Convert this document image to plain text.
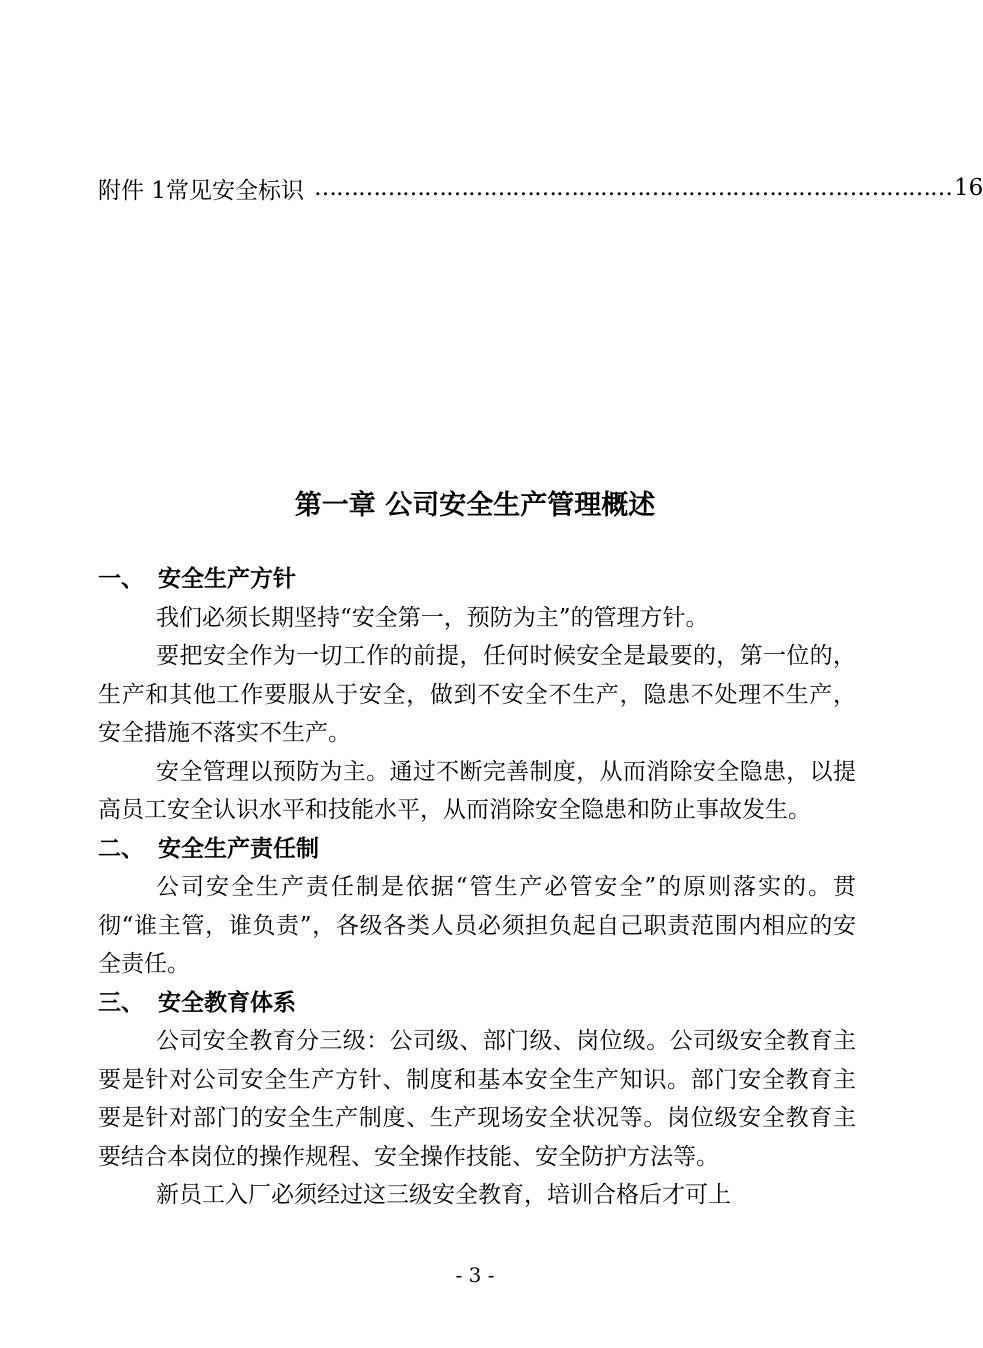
附件 1 常见安全标识 …………………………………………………………………………… 16
第一章 公司安全生产管理概述
一、 安全生产方针

我们必须长期坚持“安全第一，预防为主”的管理方针。

要把安全作为一切工作的前提，任何时候安全是最要的，第一位的，生产和其他工作要服从于安全，做到不安全不生产，隐患不处理不生产，安全措施不落实不生产。

安全管理以预防为主。通过不断完善制度，从而消除安全隐患，以提高员工安全认识水平和技能水平，从而消除安全隐患和防止事故发生。

二、 安全生产责任制

公司安全生产责任制是依据“管生产必管安全”的原则落实的。贯彻“谁主管，谁负责”，各级各类人员必须担负起自己职责范围内相应的安全责任。

三、 安全教育体系

公司安全教育分三级：公司级、部门级、岗位级。公司级安全教育主要是针对公司安全生产方针、制度和基本安全生产知识。部门安全教育主要是针对部门的安全生产制度、生产现场安全状况等。岗位级安全教育主要结合本岗位的操作规程、安全操作技能、安全防护方法等。

新员工入厂必须经过这三级安全教育，培训合格后才可上

- 3 -
